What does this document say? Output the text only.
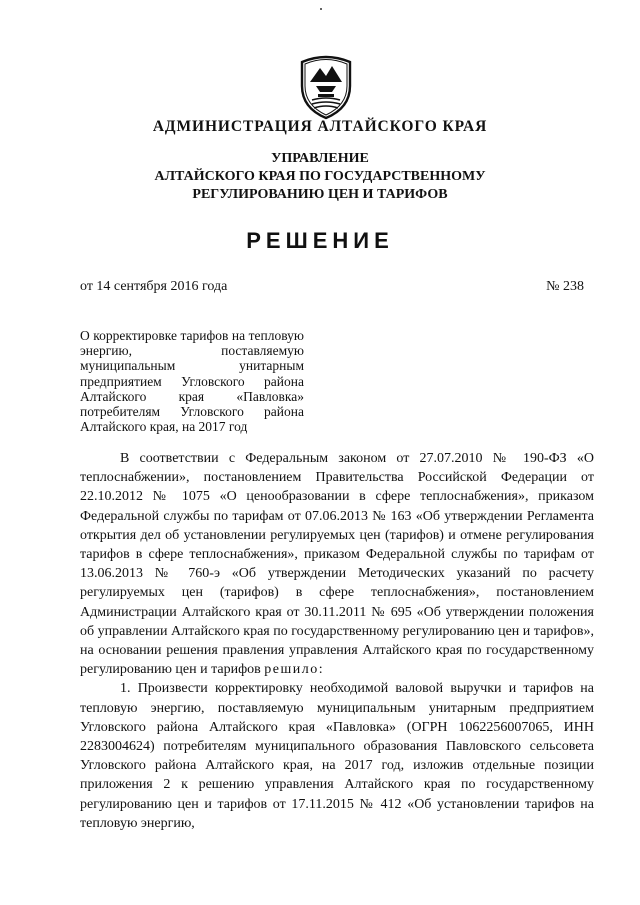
АДМИНИСТРАЦИЯ АЛТАЙСКОГО КРАЯ
УПРАВЛЕНИЕ
АЛТАЙСКОГО КРАЯ ПО ГОСУДАРСТВЕННОМУ
РЕГУЛИРОВАНИЮ ЦЕН И ТАРИФОВ
РЕШЕНИЕ
от 14 сентября 2016 года	№ 238
О корректировке тарифов на тепловую энергию, поставляемую муниципальным унитарным предприятием Угловского района Алтайского края «Павловка» потребителям Угловского района Алтайского края, на 2017 год

В соответствии с Федеральным законом от 27.07.2010 № 190-ФЗ «О теплоснабжении», постановлением Правительства Российской Федерации от 22.10.2012 № 1075 «О ценообразовании в сфере теплоснабжения», приказом Федеральной службы по тарифам от 07.06.2013 № 163 «Об утверждении Регламента открытия дел об установлении регулируемых цен (тарифов) и отмене регулирования тарифов в сфере теплоснабжения», приказом Федеральной службы по тарифам от 13.06.2013 № 760-э «Об утверждении Методических указаний по расчету регулируемых цен (тарифов) в сфере теплоснабжения», постановлением Администрации Алтайского края от 30.11.2011 № 695 «Об утверждении положения об управлении Алтайского края по государственному регулированию цен и тарифов», на основании решения правления управления Алтайского края по государственному регулированию цен и тарифов решило:

1. Произвести корректировку необходимой валовой выручки и тарифов на тепловую энергию, поставляемую муниципальным унитарным предприятием Угловского района Алтайского края «Павловка» (ОГРН 1062256007065, ИНН 2283004624) потребителям муниципального образования Павловского сельсовета Угловского района Алтайского края, на 2017 год, изложив отдельные позиции приложения 2 к решению управления Алтайского края по государственному регулированию цен и тарифов от 17.11.2015 № 412 «Об установлении тарифов на тепловую энергию,
